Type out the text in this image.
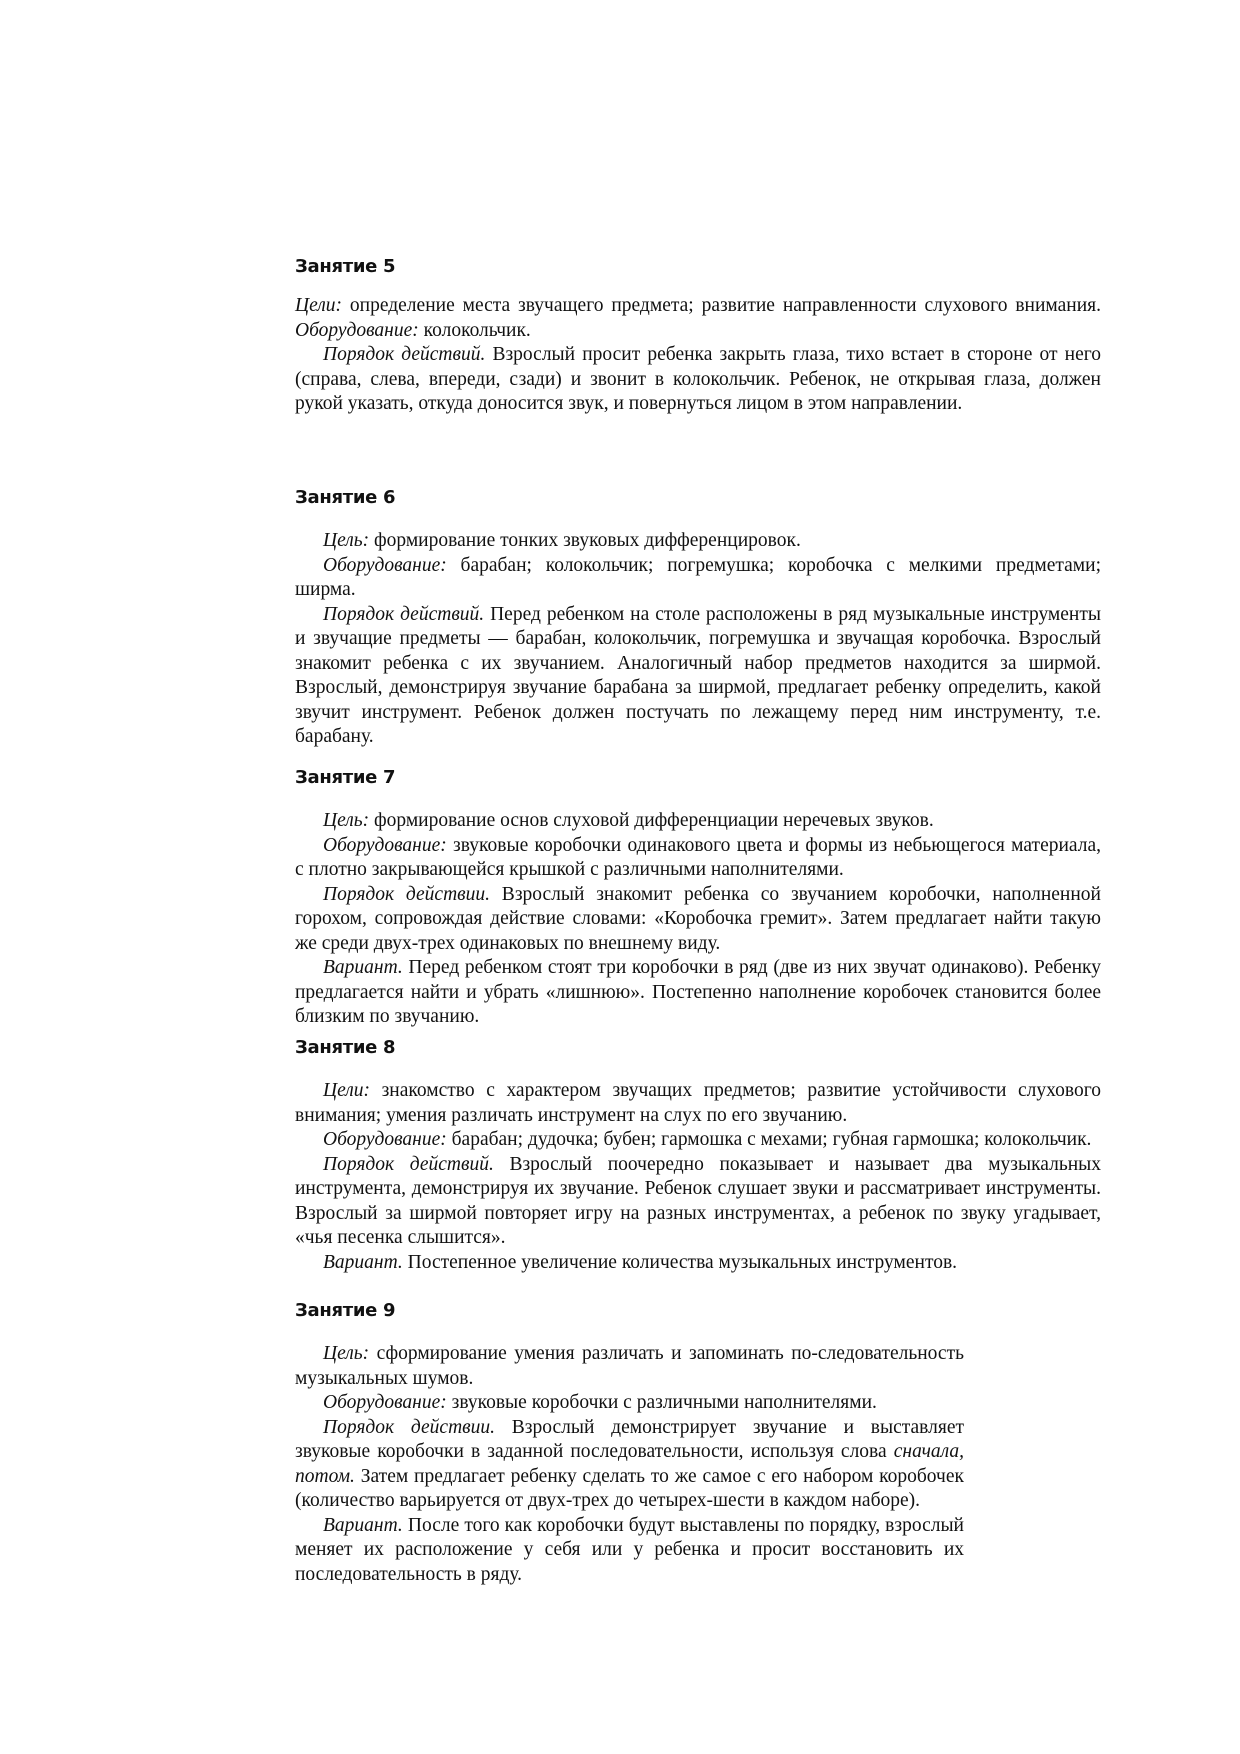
Занятие 5

Цели: определение места звучащего предмета; развитие направленности слухового внимания. Оборудование: колокольчик.

Порядок действий. Взрослый просит ребенка закрыть глаза, тихо встает в стороне от него (справа, слева, впереди, сзади) и звонит в колокольчик. Ребенок, не открывая глаза, должен рукой указать, откуда доносится звук, и повернуться лицом в этом направлении.

Занятие 6

Цель: формирование тонких звуковых дифференцировок.

Оборудование: барабан; колокольчик; погремушка; коробочка с мелкими предметами; ширма.

Порядок действий. Перед ребенком на столе расположены в ряд музыкальные инструменты и звучащие предметы — барабан, колокольчик, погремушка и звучащая коробочка. Взрослый знакомит ребенка с их звучанием. Аналогичный набор предметов находится за ширмой. Взрослый, демонстрируя звучание барабана за ширмой, предлагает ребенку определить, какой звучит инструмент. Ребенок должен постучать по лежащему перед ним инструменту, т.е. барабану.

Занятие 7

Цель: формирование основ слуховой дифференциации неречевых звуков.

Оборудование: звуковые коробочки одинакового цвета и формы из небьющегося материала, с плотно закрывающейся крышкой с различными наполнителями.

Порядок действии. Взрослый знакомит ребенка со звучанием коробочки, наполненной горохом, сопровождая действие словами: «Коробочка гремит». Затем предлагает найти такую же среди двух-трех одинаковых по внешнему виду.

Вариант. Перед ребенком стоят три коробочки в ряд (две из них звучат одинаково). Ребенку предлагается найти и убрать «лишнюю». Постепенно наполнение коробочек становится более близким по звучанию.

Занятие 8

Цели: знакомство с характером звучащих предметов; развитие устойчивости слухового внимания; умения различать инструмент на слух по его звучанию.

Оборудование: барабан; дудочка; бубен; гармошка с мехами; губная гармошка; колокольчик.

Порядок действий. Взрослый поочередно показывает и называет два музыкальных инструмента, демонстрируя их звучание. Ребенок слушает звуки и рассматривает инструменты. Взрослый за ширмой повторяет игру на разных инструментах, а ребенок по звуку угадывает, «чья песенка слышится».

Вариант. Постепенное увеличение количества музыкальных инструментов.

Занятие 9

Цель: сформирование умения различать и запоминать по-следовательность музыкальных шумов.

Оборудование: звуковые коробочки с различными наполнителями.

Порядок действии. Взрослый демонстрирует звучание и выставляет звуковые коробочки в заданной последовательности, используя слова сначала, потом. Затем предлагает ребенку сделать то же самое с его набором коробочек (количество варьируется от двух-трех до четырех-шести в каждом наборе).

Вариант. После того как коробочки будут выставлены по порядку, взрослый меняет их расположение у себя или у ребенка и просит восстановить их последовательность в ряду.
